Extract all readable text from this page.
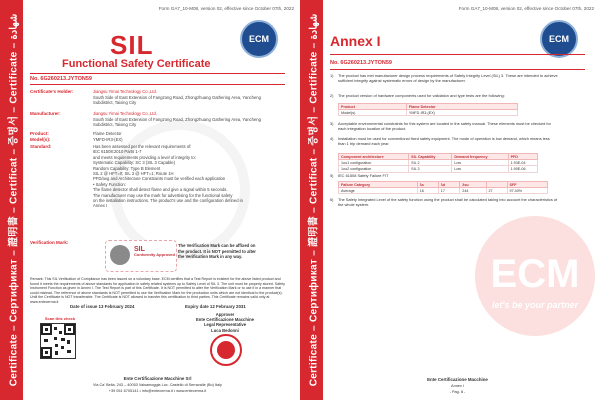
Certificate – Сертификат – 證明書 – Certificat – 증명서 – Certificate – شهادة
Form GA7_10-M08, version 02, effective since October 07th, 2022
SIL	ECM
Functional Safety Certificate
No. 6G260213.JYTON59
Certificate's Holder:	Jiangsu Yimai Technology Co.,Ltd.
South Side of East Extension of Fangzong Road, Zhongzhuang Gathering Area, Yancheng Subdistrict, Taixing City
Manufacturer:	Jiangsu Yimai Technology Co.,Ltd.
South Side of East Extension of Fangzong Road, Zhongzhuang Gathering Area, Yancheng Subdistrict, Taixing City
Product:	Flame Detector
Model(s):	YMFD-IR3-(EX)
Standard:	Has been assessed per the relevant requirements of:
IEC 61508:2010 Parts 1-7
and meets requirements providing a level of integrity to:
Systematic Capability: SC 3 (SIL 3 Capable)
Random Capability: Type B Element
SIL 2 @ HFT=0; SIL 3 @ HFT=1; Route 1H
PFD/avg and Architecture Constraints must be verified each application
• Safety Function:
The flame detector shall detect flame and give a signal within 5 seconds.
The manufacturer may use the mark for advertising for the functional safety
on the installation instructions. The product's use and the configuration defined in
Annex I
Verification Mark:
SIL
Conformity Approved
The Verification Mark can be affixed on the product. It is NOT permitted to alter the Verification Mark in any way.
Remark: This SIL Verification of Compliance has been issued on a voluntary base. ECM certifies that a Test Report is existent for the above listed product and found it meets the requirements of above standards for application in safety related systems up to Safety Level of SIL 3. The unit must be properly stored. Safety Instrument Function as given in Annex I. The Test Report is part of this Certificate. It is NOT permitted to alter the Verification Mark or to use it in a manner that could mislead. The reference of above standards is NOT permitted to use the Verification Mark for the production units which are not identical to the product(s). Until the Certificate is NOT transferable. The Certificate is NOT allowed to transfer this certification to third parties. This Certificate remains valid only at www.entecerma.it
Date of issue 13 February 2024	Expiry date 12 February 2031
Scan this check
Approver
Ente Certificazione Macchine
Legal Representative
Luca Bedonni
Ente Certificazione Macchine Srl
Via Ca' Bella, 243 – 40053 Valsamoggia Loc. Castello di Serravalle (Bo) Italy
+39 051 6705141 • info@entecerma.it • www.entecerma.it
Certificate – Сертификат – 證明書 – Certificat – 증명서 – Certificate – شهادة
Form GA7_10-M08, version 02, effective since October 07th, 2022
Annex I	ECM
No. 6G260213.JYTON59
ECM
let's be your partner
1) The product has met manufacturer design process requirements of Safety Integrity Level (SIL) 3. These are intended to achieve sufficient integrity against systematic errors of design by the manufacturer.
2) The product version of hardware components used for validation and type tests are the following:
Product	Flame Detector
Model(s)	YMFD-IR3-(EX)
3) Acceptable environmental constraints for this system are located in the safety manual. These elements must be checked for each integration location of the product.
4) Installation must be used for conventional fixed safety equipment. The mode of operation is low demand, which means less than 1 trip demand each year.
Component architecture	SIL Capability	Demand frequency	PFD
1oo1 configuration	SIL 2	Low	1.93E-04
1oo2 configuration	SIL 3	Low	1.90E-06
5) IEC 61508 Safety Failure FIT
Failure Category	λs	λd	λsu		SFF
Average	16	17	244	27	97.40%
6) The Safety Integrated Level of the safety function using the product shall be calculated taking into account the characteristics of the whole system.
Ente Certificazione Macchine
Annex I
- Pag. 8 -
